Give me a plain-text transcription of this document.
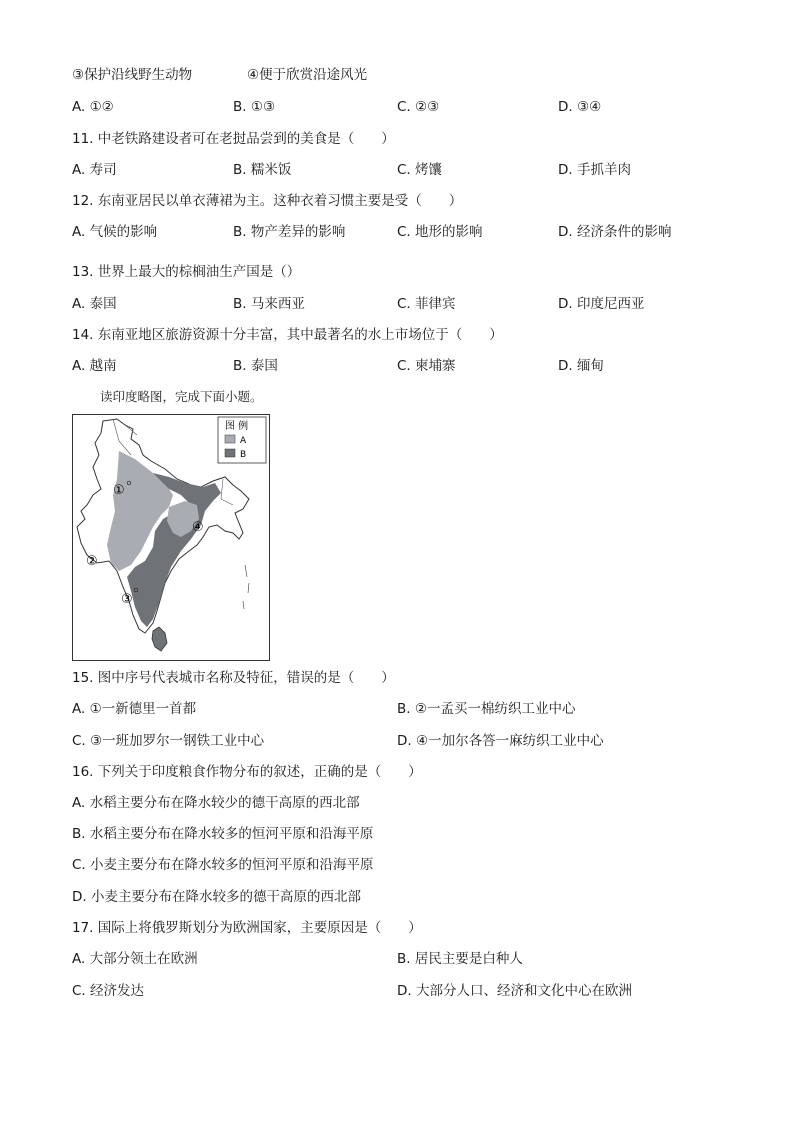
③保护沿线野生动物	④便于欣赏沿途风光
A. ①②	B. ①③	C. ②③	D. ③④
11. 中老铁路建设者可在老挝品尝到的美食是（　　）
A. 寿司	B. 糯米饭	C. 烤馕	D. 手抓羊肉
12. 东南亚居民以单衣薄裙为主。这种衣着习惯主要是受（　　）
A. 气候的影响	B. 物产差异的影响	C. 地形的影响	D. 经济条件的影响
13. 世界上最大的棕榈油生产国是（）
A. 泰国	B. 马来西亚	C. 菲律宾	D. 印度尼西亚
14. 东南亚地区旅游资源十分丰富，其中最著名的水上市场位于（　　）
A. 越南	B. 泰国	C. 柬埔寨	D. 缅甸
读印度略图，完成下面小题。
图 例
A
B
①
②
③
④
15. 图中序号代表城市名称及特征，错误的是（　　）
A. ①一新德里一首都	B. ②一孟买一棉纺织工业中心
C. ③一班加罗尔一钢铁工业中心	D. ④一加尔各答一麻纺织工业中心
16. 下列关于印度粮食作物分布的叙述，正确的是（　　）
A. 水稻主要分布在降水较少的德干高原的西北部
B. 水稻主要分布在降水较多的恒河平原和沿海平原
C. 小麦主要分布在降水较多的恒河平原和沿海平原
D. 小麦主要分布在降水较多的德干高原的西北部
17. 国际上将俄罗斯划分为欧洲国家，主要原因是（　　）
A. 大部分领土在欧洲	B. 居民主要是白种人
C. 经济发达	D. 大部分人口、经济和文化中心在欧洲
